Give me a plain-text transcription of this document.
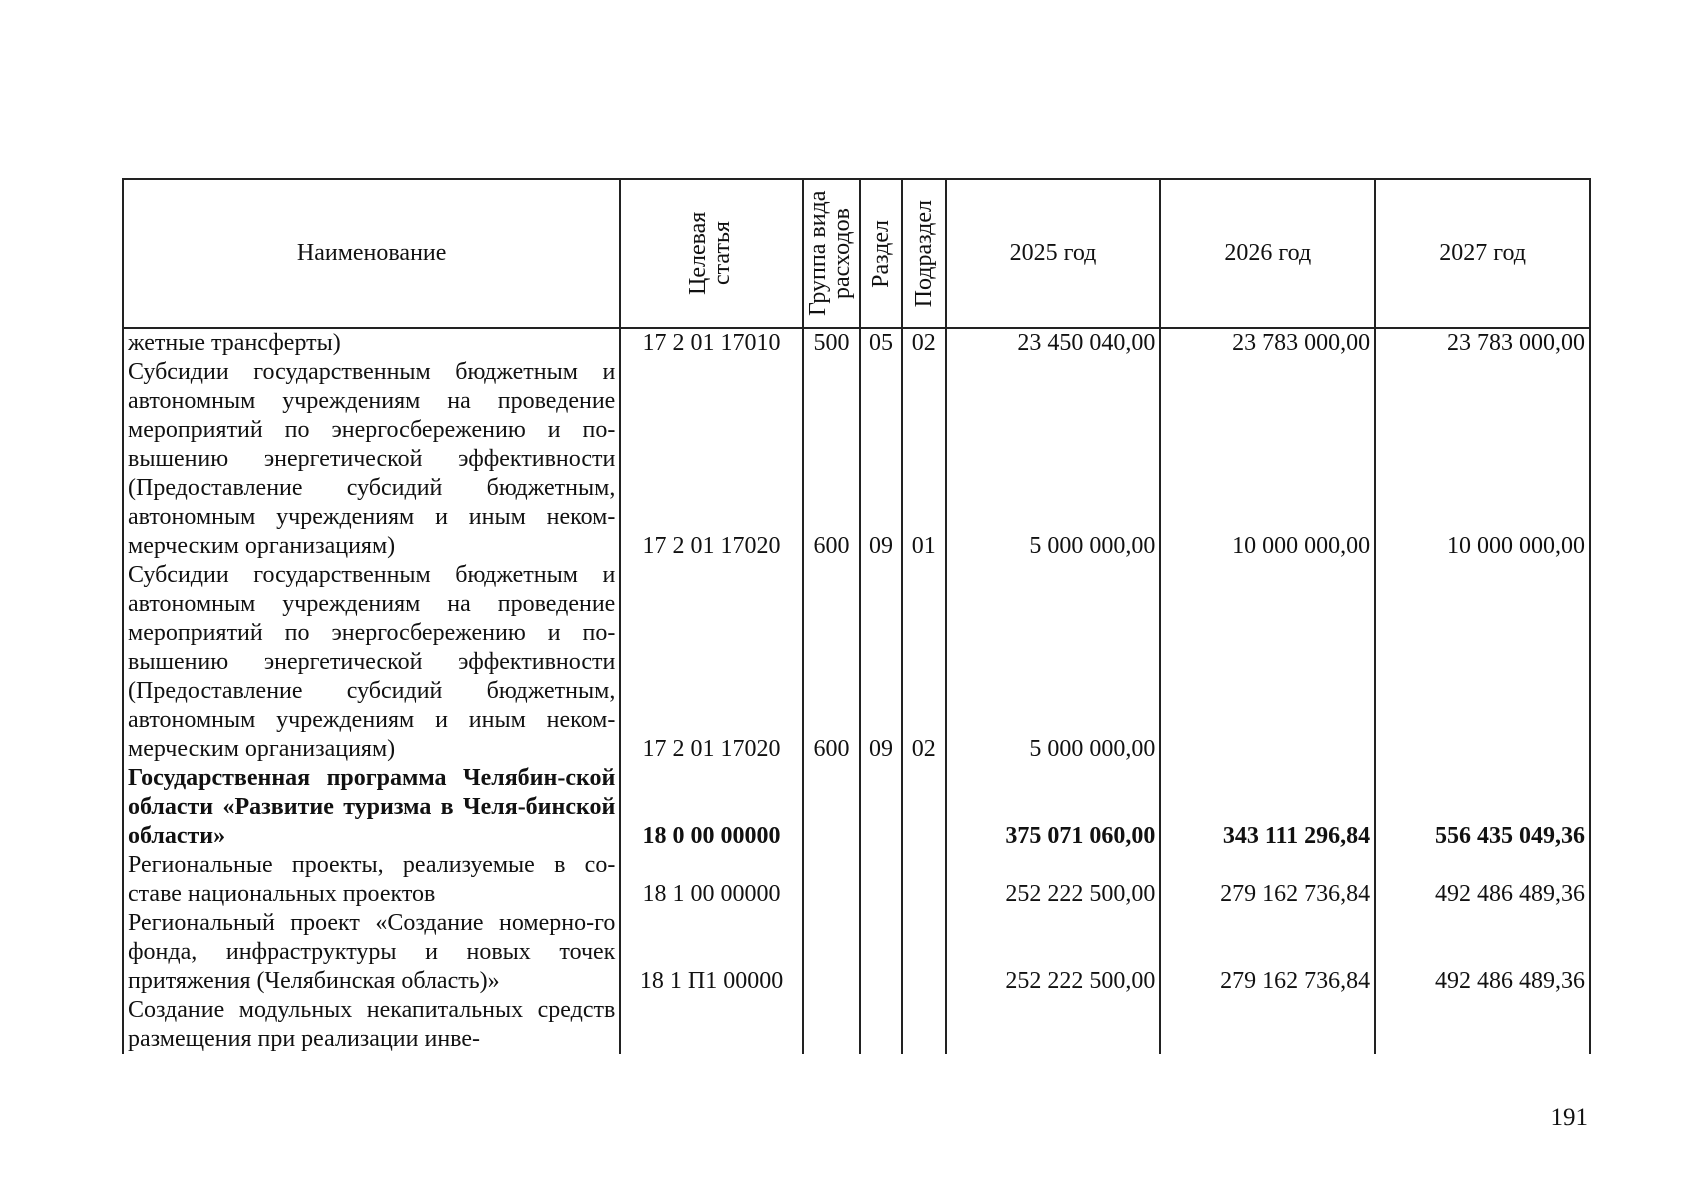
Наименование	Целевая статья	Группа вида расходов	Раздел	Подраздел	2025 год	2026 год	2027 год
жетные трансферты)	17 2 01 17010	500	05	02	23 450 040,00	23 783 000,00	23 783 000,00
Субсидии государственным бюджетным и автономным учреждениям на проведение мероприятий по энергосбережению и по-вышению энергетической эффективности (Предоставление субсидий бюджетным, автономным учреждениям и иным неком-мерческим организациям)	17 2 01 17020	600	09	01	5 000 000,00	10 000 000,00	10 000 000,00
Субсидии государственным бюджетным и автономным учреждениям на проведение мероприятий по энергосбережению и по-вышению энергетической эффективности (Предоставление субсидий бюджетным, автономным учреждениям и иным неком-мерческим организациям)	17 2 01 17020	600	09	02	5 000 000,00		
Государственная программа Челябин-ской области «Развитие туризма в Челя-бинской области»	18 0 00 00000				375 071 060,00	343 111 296,84	556 435 049,36
Региональные проекты, реализуемые в со-ставе национальных проектов	18 1 00 00000				252 222 500,00	279 162 736,84	492 486 489,36
Региональный проект «Создание номерно-го фонда, инфраструктуры и новых точек притяжения (Челябинская область)»	18 1 П1 00000				252 222 500,00	279 162 736,84	492 486 489,36
Создание модульных некапитальных средств размещения при реализации инве-							
191
